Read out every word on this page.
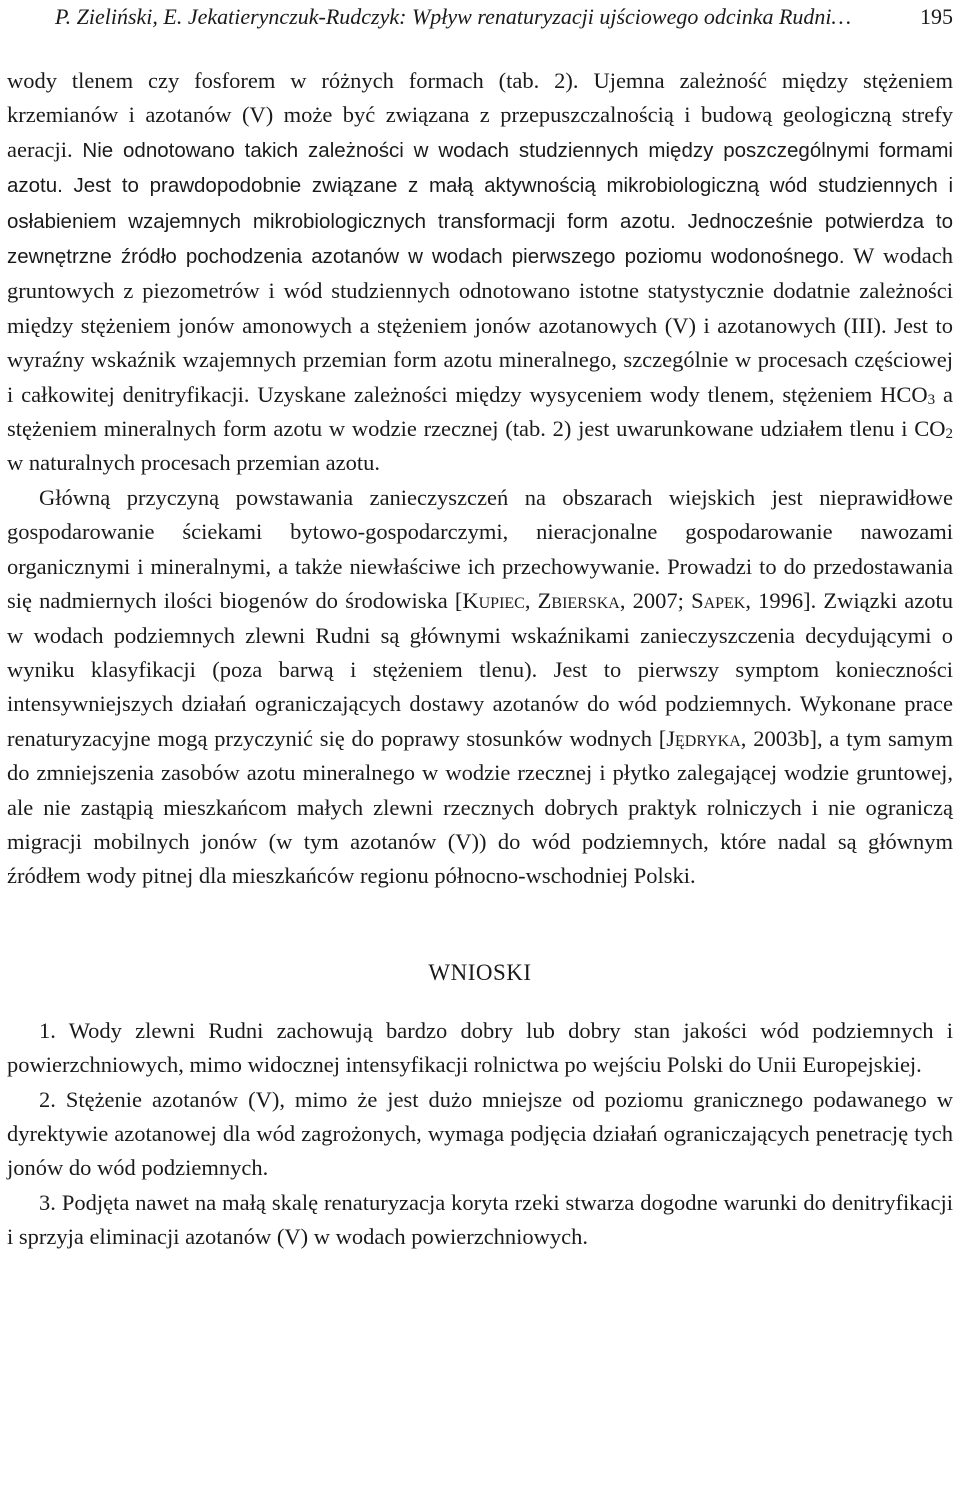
P. Zieliński, E. Jekatierynczuk-Rudczyk: Wpływ renaturyzacji ujściowego odcinka Rudni…	195

wody tlenem czy fosforem w różnych formach (tab. 2). Ujemna zależność między stężeniem krzemianów i azotanów (V) może być związana z przepuszczalnością i budową geologiczną strefy aeracji. Nie odnotowano takich zależności w wodach studziennych między poszczególnymi formami azotu. Jest to prawdopodobnie związane z małą aktywnością mikrobiologiczną wód studziennych i osłabieniem wzajemnych mikrobiologicznych transformacji form azotu. Jednocześnie potwierdza to zewnętrzne źródło pochodzenia azotanów w wodach pierwszego poziomu wodonośnego. W wodach gruntowych z piezometrów i wód studziennych odnotowano istotne statystycznie dodatnie zależności między stężeniem jonów amonowych a stężeniem jonów azotanowych (V) i azotanowych (III). Jest to wyraźny wskaźnik wzajemnych przemian form azotu mineralnego, szczególnie w procesach częściowej i całkowitej denitryfikacji. Uzyskane zależności między wysyceniem wody tlenem, stężeniem $HCO_3$ a stężeniem mineralnych form azotu w wodzie rzecznej (tab. 2) jest uwarunkowane udziałem tlenu i $CO_2$ w naturalnych procesach przemian azotu.

Główną przyczyną powstawania zanieczyszczeń na obszarach wiejskich jest nieprawidłowe gospodarowanie ściekami bytowo-gospodarczymi, nieracjonalne gospodarowanie nawozami organicznymi i mineralnymi, a także niewłaściwe ich przechowywanie. Prowadzi to do przedostawania się nadmiernych ilości biogenów do środowiska [Kupiec, Zbierska, 2007; Sapek, 1996]. Związki azotu w wodach podziemnych zlewni Rudni są głównymi wskaźnikami zanieczyszczenia decydującymi o wyniku klasyfikacji (poza barwą i stężeniem tlenu). Jest to pierwszy symptom konieczności intensywniejszych działań ograniczających dostawy azotanów do wód podziemnych. Wykonane prace renaturyzacyjne mogą przyczynić się do poprawy stosunków wodnych [Jędryka, 2003b], a tym samym do zmniejszenia zasobów azotu mineralnego w wodzie rzecznej i płytko zalegającej wodzie gruntowej, ale nie zastąpią mieszkańcom małych zlewni rzecznych dobrych praktyk rolniczych i nie ograniczą migracji mobilnych jonów (w tym azotanów (V)) do wód podziemnych, które nadal są głównym źródłem wody pitnej dla mieszkańców regionu północno-wschodniej Polski.

WNIOSKI

1. Wody zlewni Rudni zachowują bardzo dobry lub dobry stan jakości wód podziemnych i powierzchniowych, mimo widocznej intensyfikacji rolnictwa po wejściu Polski do Unii Europejskiej.

2. Stężenie azotanów (V), mimo że jest dużo mniejsze od poziomu granicznego podawanego w dyrektywie azotanowej dla wód zagrożonych, wymaga podjęcia działań ograniczających penetrację tych jonów do wód podziemnych.

3. Podjęta nawet na małą skalę renaturyzacja koryta rzeki stwarza dogodne warunki do denitryfikacji i sprzyja eliminacji azotanów (V) w wodach powierzchniowych.
